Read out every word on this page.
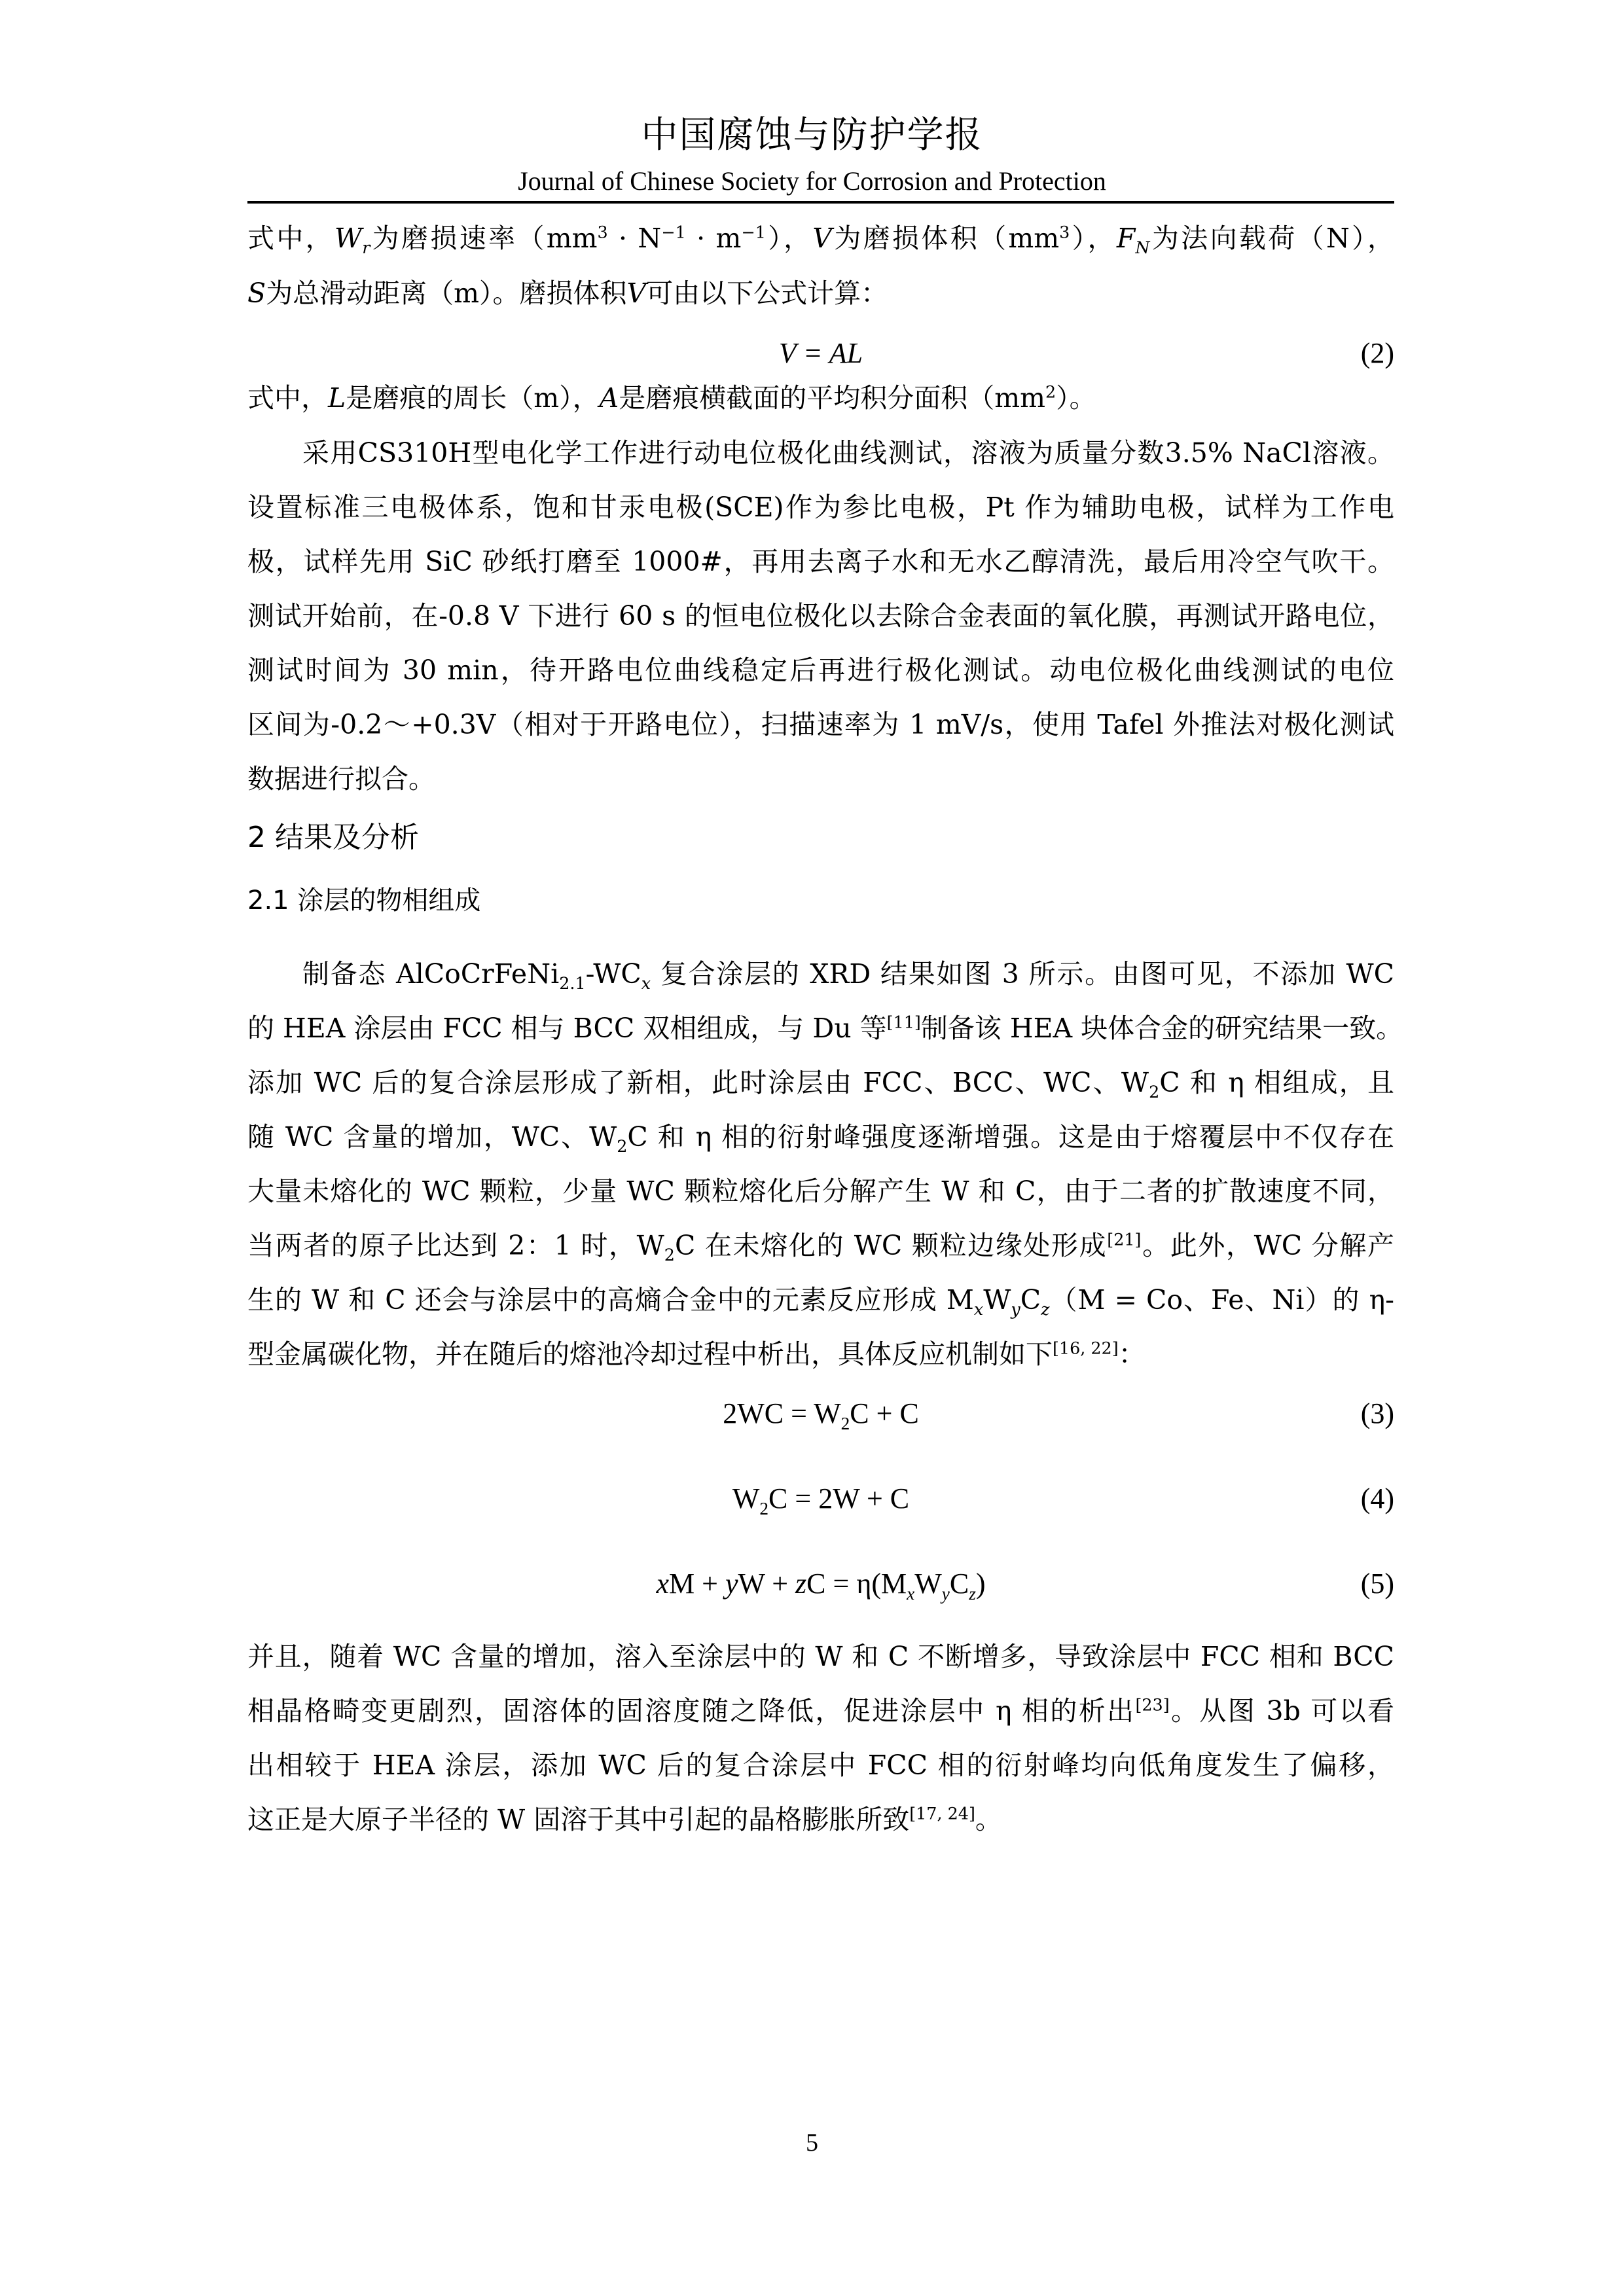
中国腐蚀与防护学报
Journal of Chinese Society for Corrosion and Protection
式中，$W_r$为磨损速率$(mm^3 \cdot N^{-1} \cdot m^{-1})$，V为磨损体积$(mm^3)$，$F_N$为法向载荷（N），
S为总滑动距离（m）。磨损体积V可由以下公式计算：
V = AL	(2)
式中，L是磨痕的周长（m），A是磨痕横截面的平均积分面积$(mm^2)$。
采用CS310H型电化学工作进行动电位极化曲线测试，溶液为质量分数3.5% NaCl溶液。
设置标准三电极体系，饱和甘汞电极(SCE)作为参比电极，Pt 作为辅助电极，试样为工作电
极，试样先用 SiC 砂纸打磨至 1000#，再用去离子水和无水乙醇清洗，最后用冷空气吹干。
测试开始前，在-0.8 V 下进行 60 s 的恒电位极化以去除合金表面的氧化膜，再测试开路电位，
测试时间为 30 min，待开路电位曲线稳定后再进行极化测试。动电位极化曲线测试的电位
区间为-0.2～+0.3V（相对于开路电位），扫描速率为 1 mV/s，使用 Tafel 外推法对极化测试
数据进行拟合。
2 结果及分析
2.1 涂层的物相组成
制备态 $AlCoCrFeNi_{2.1}-WC_x$ 复合涂层的 XRD 结果如图 3 所示。由图可见，不添加 WC
的 HEA 涂层由 FCC 相与 BCC 双相组成，与 Du 等[11]制备该 HEA 块体合金的研究结果一致。
添加 WC 后的复合涂层形成了新相，此时涂层由 FCC、BCC、WC、$W_2C$ 和 η 相组成，且
随 WC 含量的增加，WC、$W_2C$ 和 η 相的衍射峰强度逐渐增强。这是由于熔覆层中不仅存在
大量未熔化的 WC 颗粒，少量 WC 颗粒熔化后分解产生 W 和 C，由于二者的扩散速度不同，
当两者的原子比达到 2：1 时，$W_2C$ 在未熔化的 WC 颗粒边缘处形成[21]。此外，WC 分解产
生的 W 和 C 还会与涂层中的高熵合金中的元素反应形成 $M_xW_yC_z(M = Co$、Fe、Ni）的 η-
型金属碳化物，并在随后的熔池冷却过程中析出，具体反应机制如下[16, 22]：
$2WC = W_2C + C$	(3)
$W_2C = 2W + C$	(4)
xM + yW + zC = $\eta(M_xW_yC_z)$	(5)
并且，随着 WC 含量的增加，溶入至涂层中的 W 和 C 不断增多，导致涂层中 FCC 相和 BCC
相晶格畸变更剧烈，固溶体的固溶度随之降低，促进涂层中 η 相的析出[23]。从图 3b 可以看
出相较于 HEA 涂层，添加 WC 后的复合涂层中 FCC 相的衍射峰均向低角度发生了偏移，
这正是大原子半径的 W 固溶于其中引起的晶格膨胀所致[17, 24]。
5
